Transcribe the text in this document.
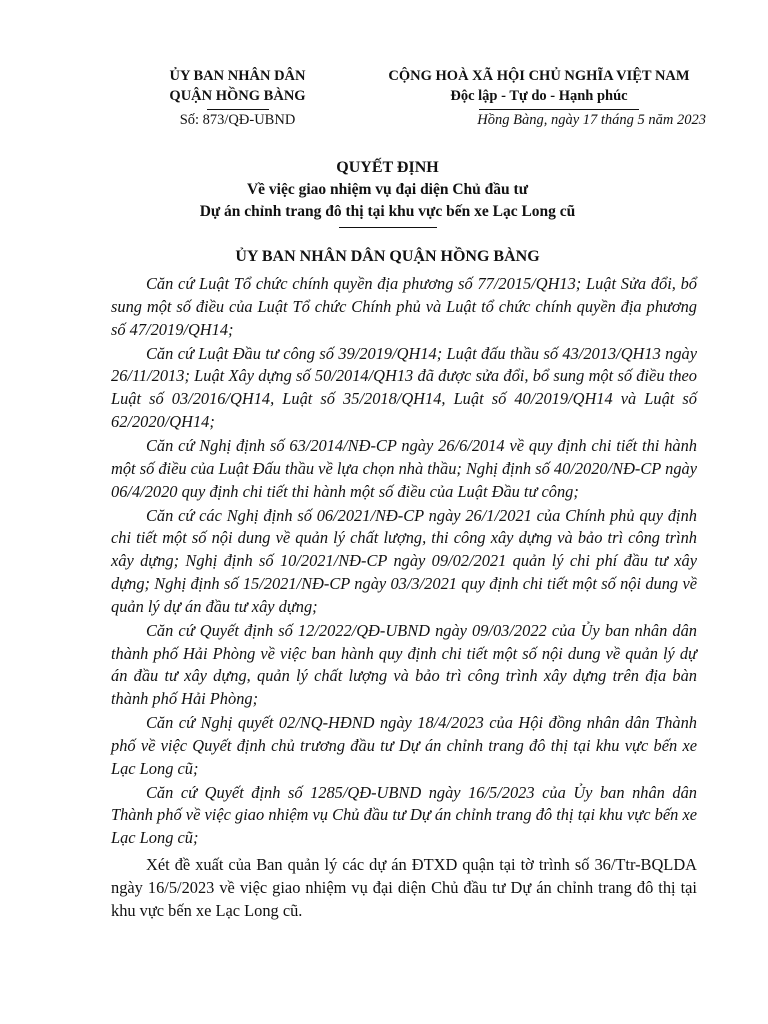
ỦY BAN NHÂN DÂN
QUẬN HỒNG BÀNG
Số: 873/QĐ-UBND
CỘNG HOÀ XÃ HỘI CHỦ NGHĨA VIỆT NAM
Độc lập - Tự do - Hạnh phúc
Hồng Bàng, ngày 17 tháng 5 năm 2023
QUYẾT ĐỊNH
Về việc giao nhiệm vụ đại diện Chủ đầu tư
Dự án chỉnh trang đô thị tại khu vực bến xe Lạc Long cũ
ỦY BAN NHÂN DÂN QUẬN HỒNG BÀNG

Căn cứ Luật Tổ chức chính quyền địa phương số 77/2015/QH13; Luật Sửa đổi, bổ sung một số điều của Luật Tổ chức Chính phủ và Luật tổ chức chính quyền địa phương số 47/2019/QH14;

Căn cứ Luật Đầu tư công số 39/2019/QH14; Luật đấu thầu số 43/2013/QH13 ngày 26/11/2013; Luật Xây dựng số 50/2014/QH13 đã được sửa đổi, bổ sung một số điều theo Luật số 03/2016/QH14, Luật số 35/2018/QH14, Luật số 40/2019/QH14 và Luật số 62/2020/QH14;

Căn cứ Nghị định số 63/2014/NĐ-CP ngày 26/6/2014 về quy định chi tiết thi hành một số điều của Luật Đấu thầu về lựa chọn nhà thầu; Nghị định số 40/2020/NĐ-CP ngày 06/4/2020 quy định chi tiết thi hành một số điều của Luật Đầu tư công;

Căn cứ các Nghị định số 06/2021/NĐ-CP ngày 26/1/2021 của Chính phủ quy định chi tiết một số nội dung về quản lý chất lượng, thi công xây dựng và bảo trì công trình xây dựng; Nghị định số 10/2021/NĐ-CP ngày 09/02/2021 quản lý chi phí đầu tư xây dựng; Nghị định số 15/2021/NĐ-CP ngày 03/3/2021 quy định chi tiết một số nội dung về quản lý dự án đầu tư xây dựng;

Căn cứ Quyết định số 12/2022/QĐ-UBND ngày 09/03/2022 của Ủy ban nhân dân thành phố Hải Phòng về việc ban hành quy định chi tiết một số nội dung về quản lý dự án đầu tư xây dựng, quản lý chất lượng và bảo trì công trình xây dựng trên địa bàn thành phố Hải Phòng;

Căn cứ Nghị quyết 02/NQ-HĐND ngày 18/4/2023 của Hội đồng nhân dân Thành phố về việc Quyết định chủ trương đầu tư Dự án chỉnh trang đô thị tại khu vực bến xe Lạc Long cũ;

Căn cứ Quyết định số 1285/QĐ-UBND ngày 16/5/2023 của Ủy ban nhân dân Thành phố về việc giao nhiệm vụ Chủ đầu tư Dự án chỉnh trang đô thị tại khu vực bến xe Lạc Long cũ;

Xét đề xuất của Ban quản lý các dự án ĐTXD quận tại tờ trình số 36/Ttr-BQLDA ngày 16/5/2023 về việc giao nhiệm vụ đại diện Chủ đầu tư Dự án chỉnh trang đô thị tại khu vực bến xe Lạc Long cũ.
